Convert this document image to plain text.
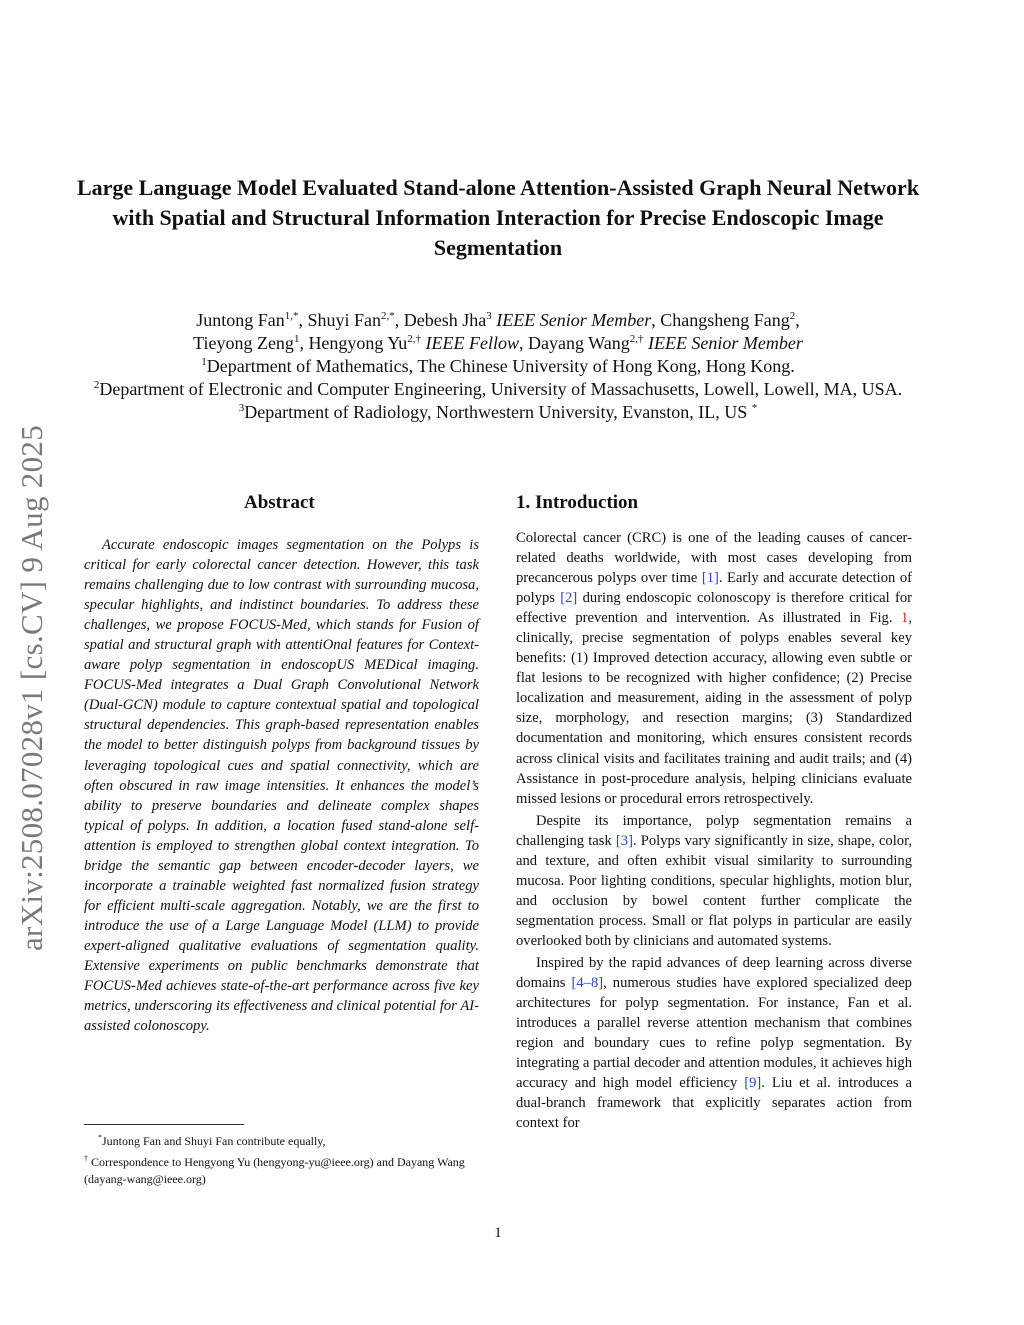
arXiv:2508.07028v1 [cs.CV] 9 Aug 2025
Large Language Model Evaluated Stand-alone Attention-Assisted Graph Neural Network with Spatial and Structural Information Interaction for Precise Endoscopic Image Segmentation
Juntong Fan$^{1,*}$, Shuyi Fan$^{2,*}$, Debesh Jha$^3$ IEEE Senior Member, Changsheng Fang$^2$,
Tieyong Zeng$^1$, Hengyong $Yu^{2,\dagger}$ IEEE Fellow, Dayang Wang$^{2,\dagger}$ IEEE Senior Member
$^1$Department of Mathematics, The Chinese University of Hong Kong, Hong Kong.
$^2$Department of Electronic and Computer Engineering, University of Massachusetts, Lowell, Lowell, MA, USA.
$^3$Department of Radiology, Northwestern University, Evanston, IL, US *
Abstract
Accurate endoscopic images segmentation on the Polyps is critical for early colorectal cancer detection. However, this task remains challenging due to low contrast with surrounding mucosa, specular highlights, and indistinct boundaries. To address these challenges, we propose FOCUS-Med, which stands for Fusion of spatial and structural graph with attentiOnal features for Context-aware polyp segmentation in endoscopUS MEDical imaging. FOCUS-Med integrates a Dual Graph Convolutional Network (Dual-GCN) module to capture contextual spatial and topological structural dependencies. This graph-based representation enables the model to better distinguish polyps from background tissues by leveraging topological cues and spatial connectivity, which are often obscured in raw image intensities. It enhances the model’s ability to preserve boundaries and delineate complex shapes typical of polyps. In addition, a location fused stand-alone self-attention is employed to strengthen global context integration. To bridge the semantic gap between encoder-decoder layers, we incorporate a trainable weighted fast normalized fusion strategy for efficient multi-scale aggregation. Notably, we are the first to introduce the use of a Large Language Model (LLM) to provide expert-aligned qualitative evaluations of segmentation quality. Extensive experiments on public benchmarks demonstrate that FOCUS-Med achieves state-of-the-art performance across five key metrics, underscoring its effectiveness and clinical potential for AI-assisted colonoscopy.
1. Introduction

Colorectal cancer (CRC) is one of the leading causes of cancer-related deaths worldwide, with most cases developing from precancerous polyps over time [1]. Early and accurate detection of polyps [2] during endoscopic colonoscopy is therefore critical for effective prevention and intervention. As illustrated in Fig. 1, clinically, precise segmentation of polyps enables several key benefits: (1) Improved detection accuracy, allowing even subtle or flat lesions to be recognized with higher confidence; (2) Precise localization and measurement, aiding in the assessment of polyp size, morphology, and resection margins; (3) Standardized documentation and monitoring, which ensures consistent records across clinical visits and facilitates training and audit trails; and (4) Assistance in post-procedure analysis, helping clinicians evaluate missed lesions or procedural errors retrospectively.

Despite its importance, polyp segmentation remains a challenging task [3]. Polyps vary significantly in size, shape, color, and texture, and often exhibit visual similarity to surrounding mucosa. Poor lighting conditions, specular highlights, motion blur, and occlusion by bowel content further complicate the segmentation process. Small or flat polyps in particular are easily overlooked both by clinicians and automated systems.

Inspired by the rapid advances of deep learning across diverse domains [4–8], numerous studies have explored specialized deep architectures for polyp segmentation. For instance, Fan et al. introduces a parallel reverse attention mechanism that combines region and boundary cues to refine polyp segmentation. By integrating a partial decoder and attention modules, it achieves high accuracy and high model efficiency [9]. Liu et al. introduces a dual-branch framework that explicitly separates action from context for

*Juntong Fan and Shuyi Fan contribute equally,

† Correspondence to Hengyong Yu (hengyong-yu@ieee.org) and Dayang Wang (dayang-wang@ieee.org)

1
